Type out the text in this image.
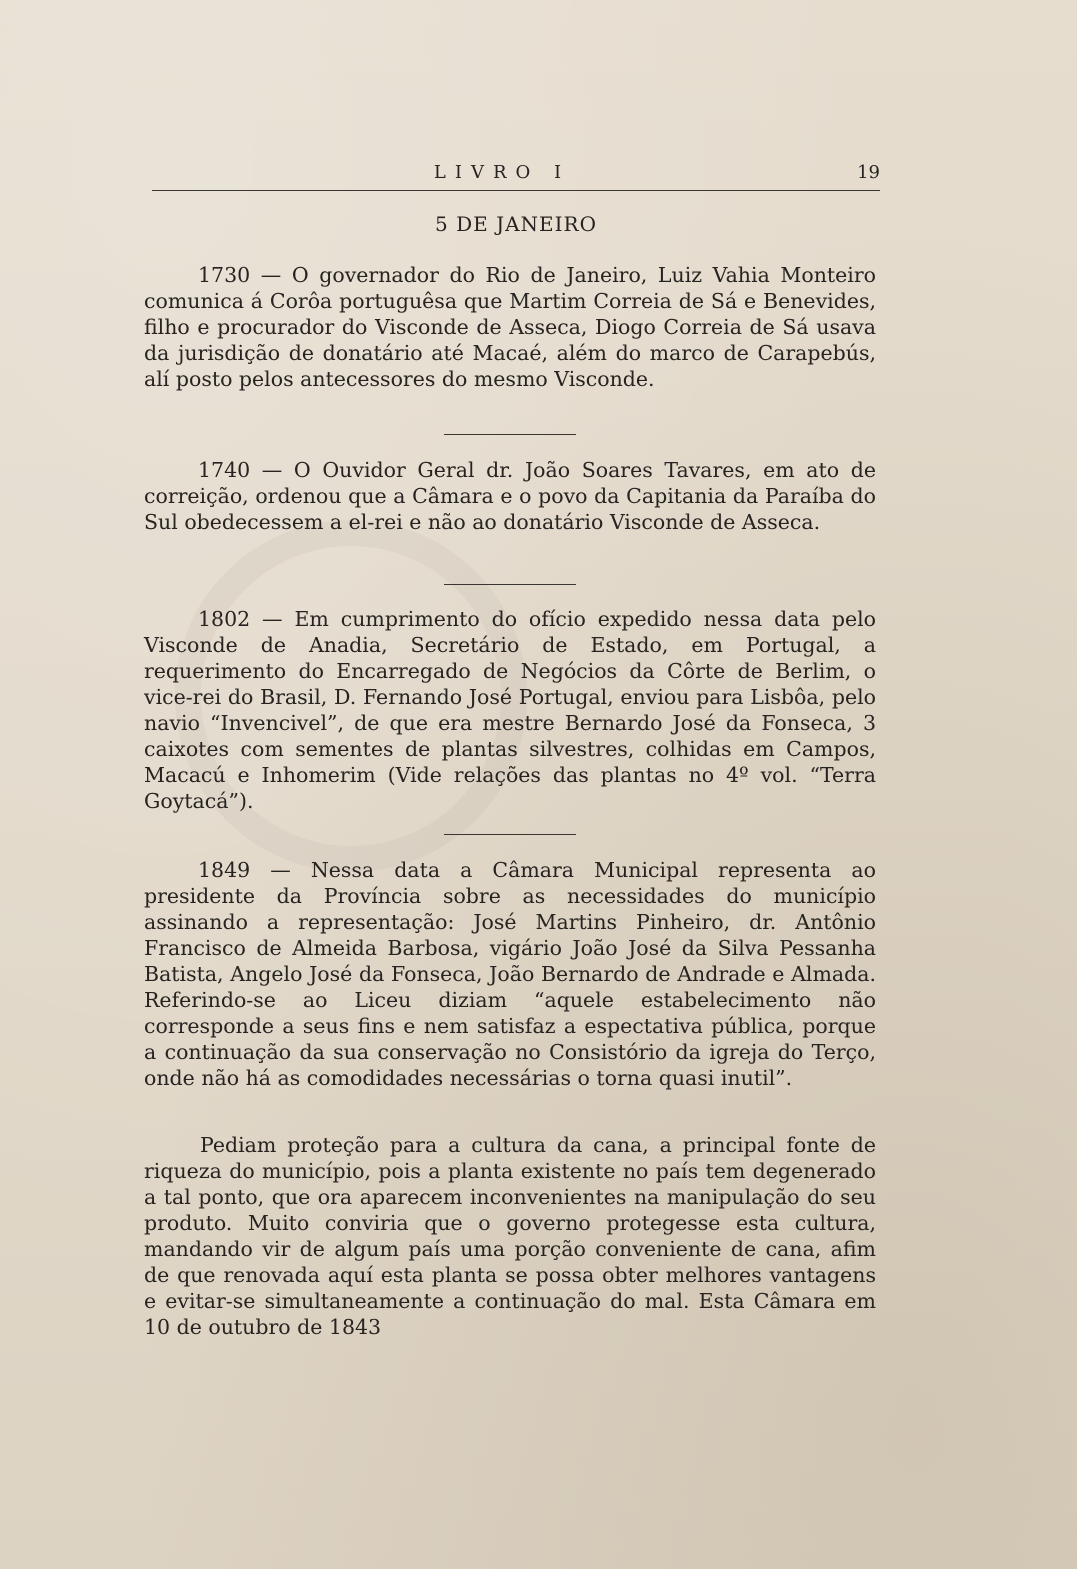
LIVRO I	19
5 DE JANEIRO

1730 — O governador do Rio de Janeiro, Luiz Vahia Monteiro comunica á Corôa portuguêsa que Martim Correia de Sá e Benevides, filho e procurador do Visconde de Asseca, Diogo Correia de Sá usava da jurisdição de donatário até Macaé, além do marco de Carapebús, alí posto pelos antecessores do mesmo Visconde.

1740 — O Ouvidor Geral dr. João Soares Tavares, em ato de correição, ordenou que a Câmara e o povo da Capitania da Paraíba do Sul obedecessem a el-rei e não ao donatário Visconde de Asseca.

1802 — Em cumprimento do ofício expedido nessa data pelo Visconde de Anadia, Secretário de Estado, em Portugal, a requerimento do Encarregado de Negócios da Côrte de Berlim, o vice-rei do Brasil, D. Fernando José Portugal, enviou para Lisbôa, pelo navio “Invencivel”, de que era mestre Bernardo José da Fonseca, 3 caixotes com sementes de plantas silvestres, colhidas em Campos, Macacú e Inhomerim (Vide relações das plantas no 4º vol. “Terra Goytacá”).

1849 — Nessa data a Câmara Municipal representa ao presidente da Província sobre as necessidades do município assinando a representação: José Martins Pinheiro, dr. Antônio Francisco de Almeida Barbosa, vigário João José da Silva Pessanha Batista, Angelo José da Fonseca, João Bernardo de Andrade e Almada. Referindo-se ao Liceu diziam “aquele estabelecimento não corresponde a seus fins e nem satisfaz a espectativa pública, porque a continuação da sua conservação no Consistório da igreja do Terço, onde não há as comodidades necessárias o torna quasi inutil”.

Pediam proteção para a cultura da cana, a principal fonte de riqueza do município, pois a planta existente no país tem degenerado a tal ponto, que ora aparecem inconvenientes na manipulação do seu produto. Muito conviria que o governo protegesse esta cultura, mandando vir de algum país uma porção conveniente de cana, afim de que renovada aquí esta planta se possa obter melhores vantagens e evitar-se simultaneamente a continuação do mal. Esta Câmara em 10 de outubro de 1843
